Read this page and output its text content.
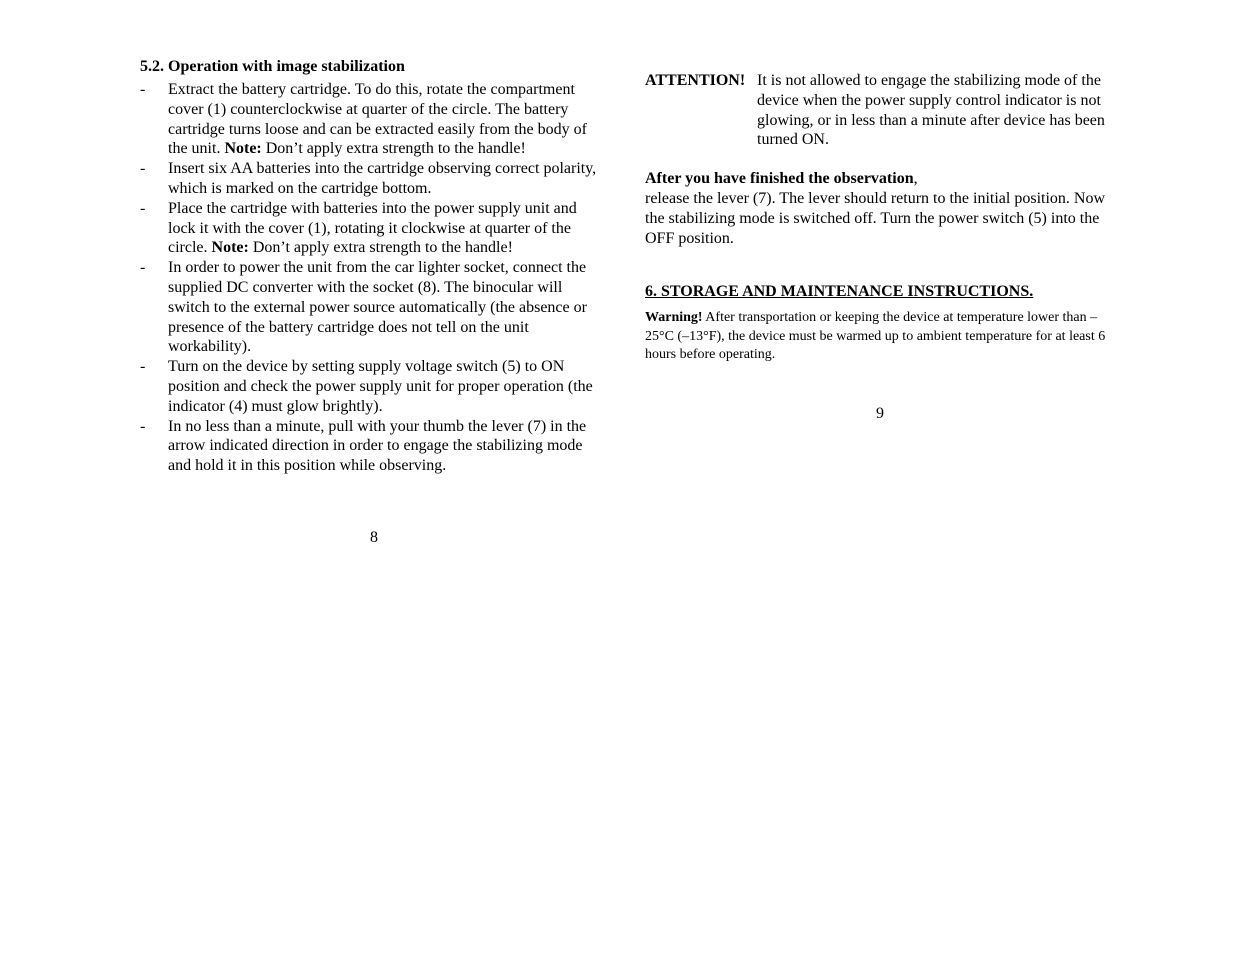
5.2. Operation with image stabilization
- Extract the battery cartridge. To do this, rotate the compartment cover (1) counterclockwise at quarter of the circle. The battery cartridge turns loose and can be extracted easily from the body of the unit. Note: Don’t apply extra strength to the handle!
- Insert six AA batteries into the cartridge observing correct polarity, which is marked on the cartridge bottom.
- Place the cartridge with batteries into the power supply unit and lock it with the cover (1), rotating it clockwise at quarter of the circle. Note: Don’t apply extra strength to the handle!
- In order to power the unit from the car lighter socket, connect the supplied DC converter with the socket (8). The binocular will switch to the external power source automatically (the absence or presence of the battery cartridge does not tell on the unit workability).
- Turn on the device by setting supply voltage switch (5) to ON position and check the power supply unit for proper operation (the indicator (4) must glow brightly).
- In no less than a minute, pull with your thumb the lever (7) in the arrow indicated direction in order to engage the stabilizing mode and hold it in this position while observing.
8
ATTENTION! It is not allowed to engage the stabilizing mode of the device when the power supply control indicator is not glowing, or in less than a minute after device has been turned ON.
After you have finished the observation,
release the lever (7). The lever should return to the initial position. Now the stabilizing mode is switched off. Turn the power switch (5) into the OFF position.
6. STORAGE AND MAINTENANCE INSTRUCTIONS.
Warning! After transportation or keeping the device at temperature lower than –25°C (–13°F), the device must be warmed up to ambient temperature for at least 6 hours before operating.
9
